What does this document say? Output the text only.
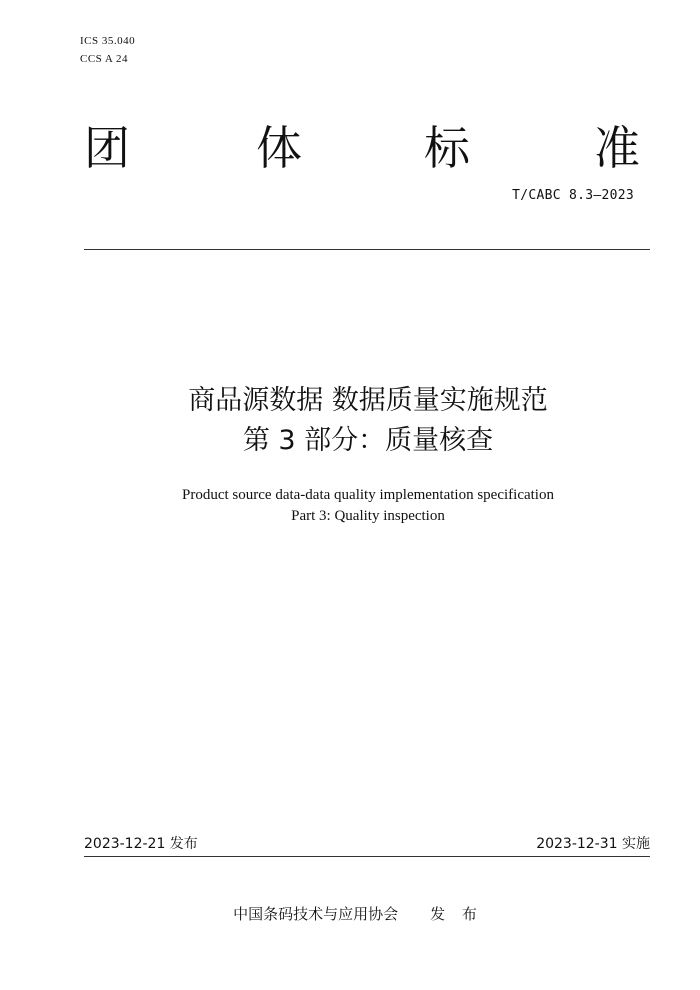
ICS 35.040
CCS A 24
团	体	标	准
T/CABC 8.3—2023
商品源数据 数据质量实施规范
第 3 部分：质量核查
Product source data-data quality implementation specification
Part 3: Quality inspection
2023-12-21 发布	2023-12-31 实施
中国条码技术与应用协会 发 布
